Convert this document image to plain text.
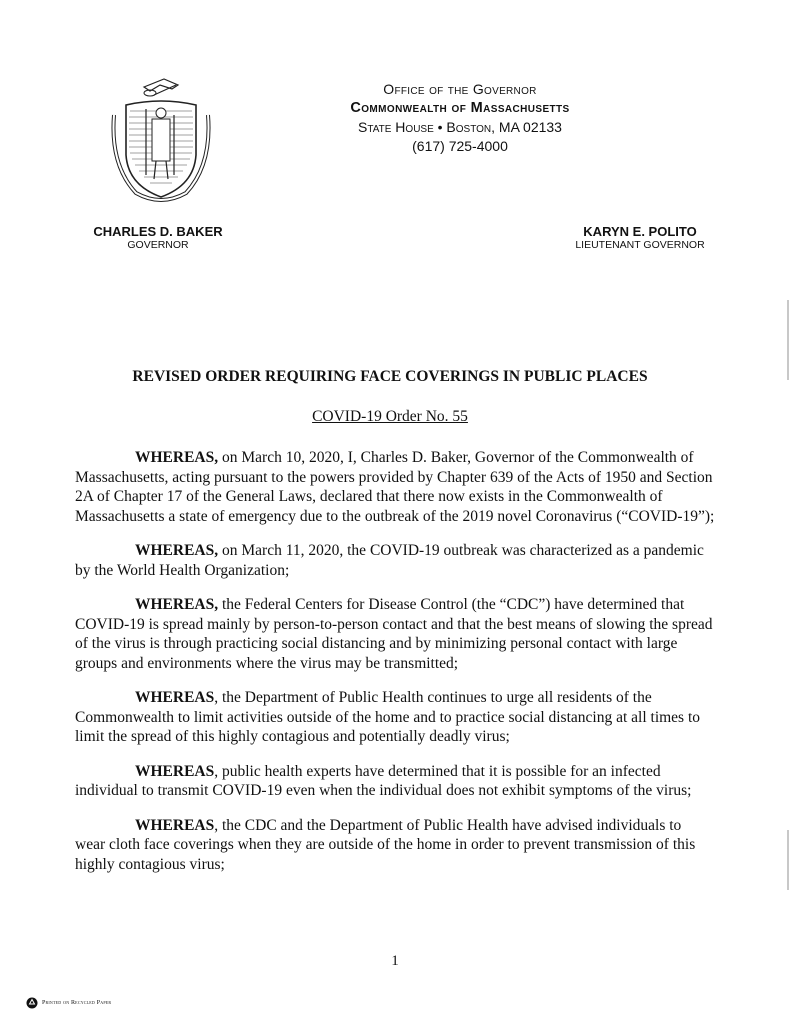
Office of the Governor
Commonwealth of Massachusetts
State House • Boston, MA 02133
(617) 725-4000
CHARLES D. BAKER
GOVERNOR
KARYN E. POLITO
LIEUTENANT GOVERNOR
REVISED ORDER REQUIRING FACE COVERINGS IN PUBLIC PLACES
COVID-19 Order No. 55

WHEREAS, on March 10, 2020, I, Charles D. Baker, Governor of the Commonwealth of Massachusetts, acting pursuant to the powers provided by Chapter 639 of the Acts of 1950 and Section 2A of Chapter 17 of the General Laws, declared that there now exists in the Commonwealth of Massachusetts a state of emergency due to the outbreak of the 2019 novel Coronavirus (“COVID-19”);

WHEREAS, on March 11, 2020, the COVID-19 outbreak was characterized as a pandemic by the World Health Organization;

WHEREAS, the Federal Centers for Disease Control (the “CDC”) have determined that COVID-19 is spread mainly by person-to-person contact and that the best means of slowing the spread of the virus is through practicing social distancing and by minimizing personal contact with large groups and environments where the virus may be transmitted;

WHEREAS, the Department of Public Health continues to urge all residents of the Commonwealth to limit activities outside of the home and to practice social distancing at all times to limit the spread of this highly contagious and potentially deadly virus;

WHEREAS, public health experts have determined that it is possible for an infected individual to transmit COVID-19 even when the individual does not exhibit symptoms of the virus;

WHEREAS, the CDC and the Department of Public Health have advised individuals to wear cloth face coverings when they are outside of the home in order to prevent transmission of this highly contagious virus;

1
Printed on Recycled Paper
